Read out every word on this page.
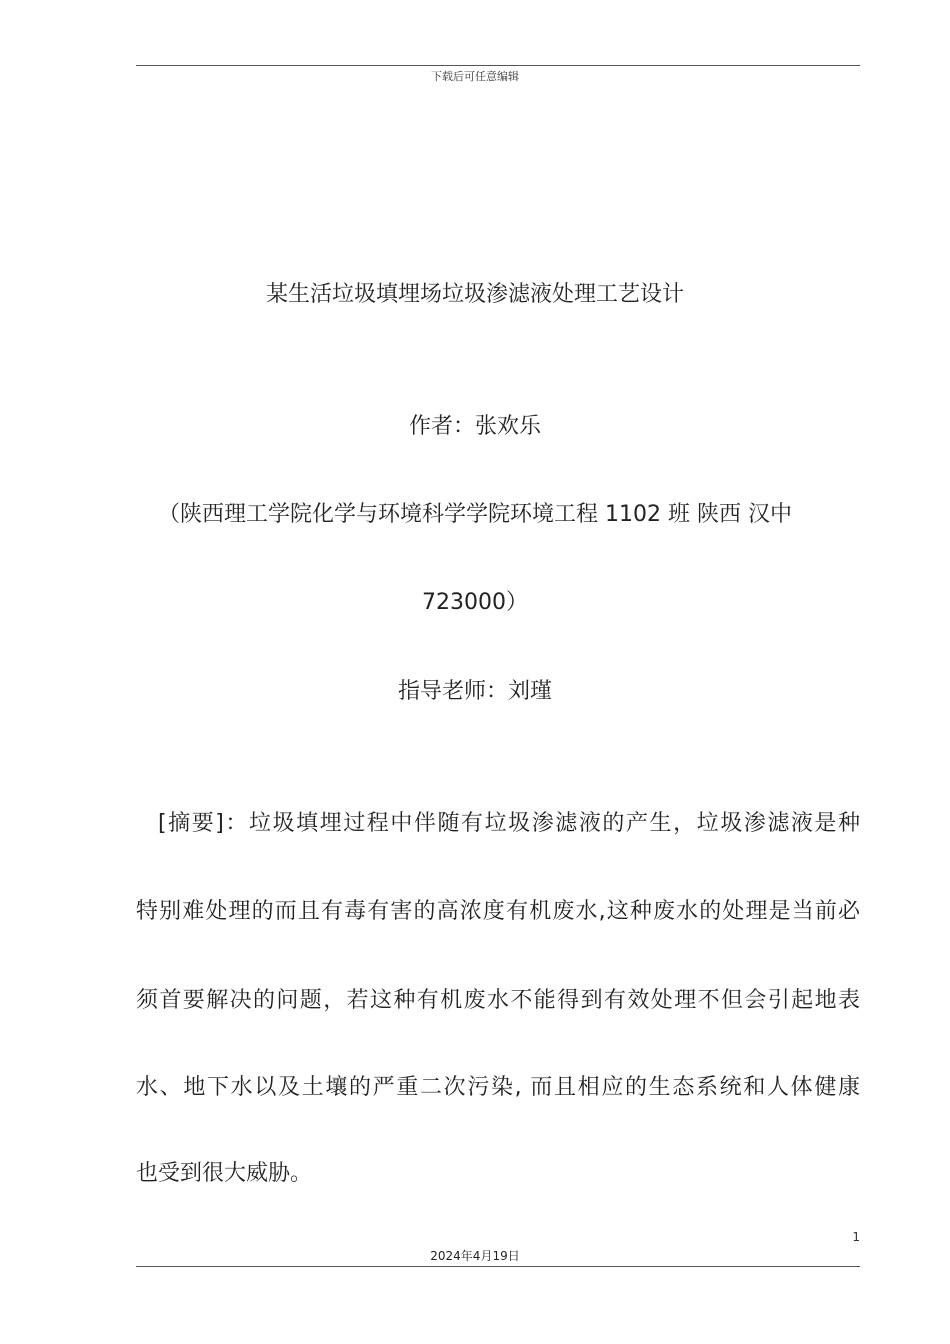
下载后可任意编辑
某生活垃圾填埋场垃圾渗滤液处理工艺设计
作者：张欢乐
（陕西理工学院化学与环境科学学院环境工程 1102 班 陕西 汉中
723000）
指导老师：刘瑾
[摘要]：垃圾填埋过程中伴随有垃圾渗滤液的产生，垃圾渗滤液是种
特别难处理的而且有毒有害的高浓度有机废水,这种废水的处理是当前必
须首要解决的问题，若这种有机废水不能得到有效处理不但会引起地表
水、地下水以及土壤的严重二次污染, 而且相应的生态系统和人体健康
也受到很大威胁。
1
2024年4月19日
